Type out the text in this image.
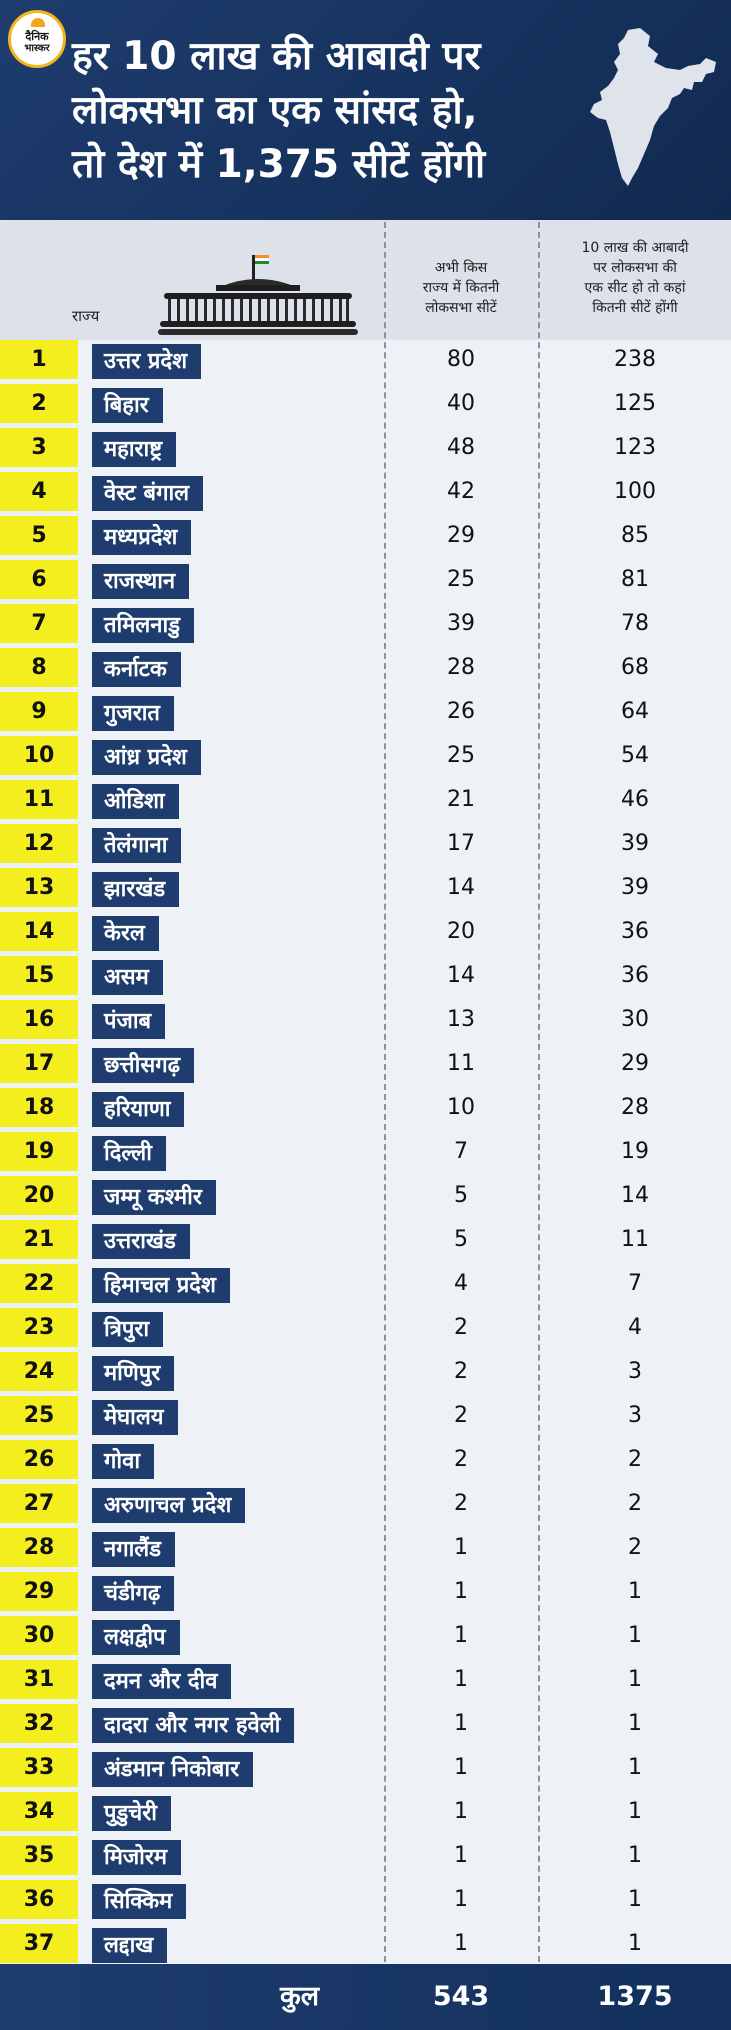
दैनिक
भास्कर हर 10 लाख की आबादी पर
लोकसभा का एक सांसद हो,
तो देश में 1,375 सीटें होंगी
राज्य
अभी किस
राज्य में कितनी
लोकसभा सीटें
10 लाख की आबादी
पर लोकसभा की
एक सीट हो तो कहां
कितनी सीटें होंगी
1	उत्तर प्रदेश	80	238
2	बिहार	40	125
3	महाराष्ट्र	48	123
4	वेस्ट बंगाल	42	100
5	मध्यप्रदेश	29	85
6	राजस्थान	25	81
7	तमिलनाडु	39	78
8	कर्नाटक	28	68
9	गुजरात	26	64
10	आंध्र प्रदेश	25	54
11	ओडिशा	21	46
12	तेलंगाना	17	39
13	झारखंड	14	39
14	केरल	20	36
15	असम	14	36
16	पंजाब	13	30
17	छत्तीसगढ़	11	29
18	हरियाणा	10	28
19	दिल्ली	7	19
20	जम्मू कश्मीर	5	14
21	उत्तराखंड	5	11
22	हिमाचल प्रदेश	4	7
23	त्रिपुरा	2	4
24	मणिपुर	2	3
25	मेघालय	2	3
26	गोवा	2	2
27	अरुणाचल प्रदेश	2	2
28	नगालैंड	1	2
29	चंडीगढ़	1	1
30	लक्षद्वीप	1	1
31	दमन और दीव	1	1
32	दादरा और नगर हवेली	1	1
33	अंडमान निकोबार	1	1
34	पुडुचेरी	1	1
35	मिजोरम	1	1
36	सिक्किम	1	1
37	लद्दाख	1	1
कुल	543	1375
